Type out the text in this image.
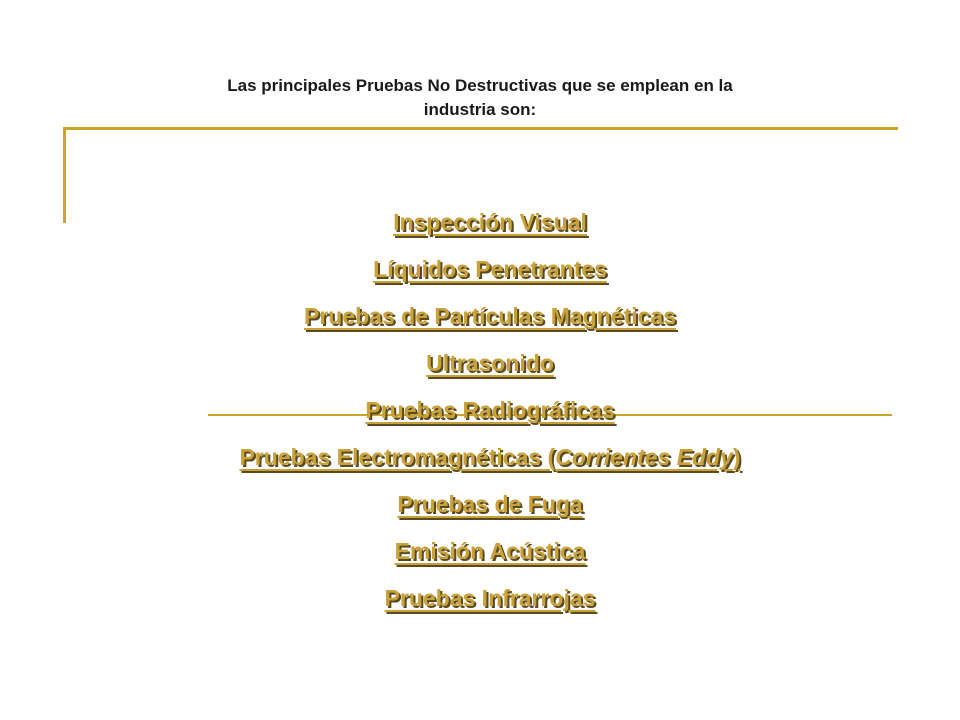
Las principales Pruebas No Destructivas que se emplean en la
industria son:
Inspección Visual
Líquidos Penetrantes
Pruebas de Partículas Magnéticas
Ultrasonido
Pruebas Radiográficas
Pruebas Electromagnéticas (Corrientes Eddy)
Pruebas de Fuga
Emisión Acústica
Pruebas Infrarrojas
